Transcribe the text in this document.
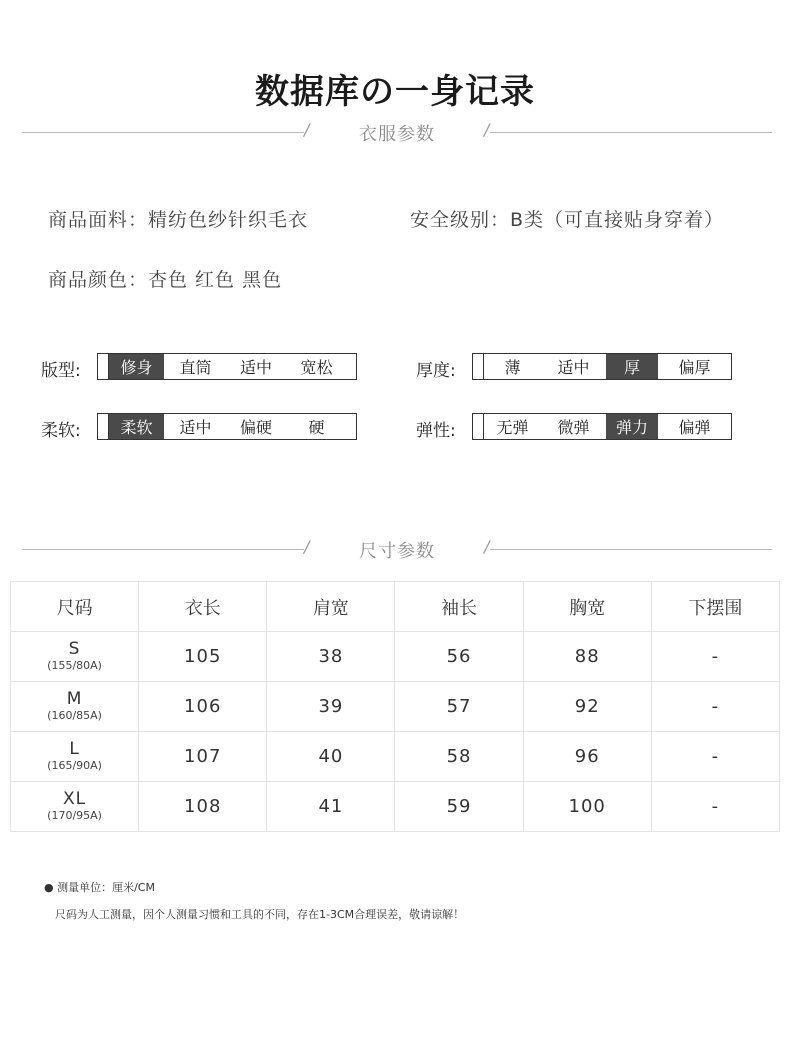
数据库の一身记录
/	衣服参数	/
商品面料：精纺色纱针织毛衣	安全级别：B类（可直接贴身穿着）
商品颜色：杏色 红色 黑色
版型:	修身	直筒	适中	宽松	厚度:	薄	适中	厚	偏厚
柔软:	柔软	适中	偏硬	硬	弹性:	无弹	微弹	弹力	偏弹
/	尺寸参数	/
尺码	衣长	肩宽	袖长	胸宽	下摆围

S
(155/80A)	105	38	56	88	-

M
(160/85A)	106	39	57	92	-

L
(165/90A)	107	40	58	96	-

XL
(170/95A)	108	41	59	100	-
● 测量单位：厘米/CM
尺码为人工测量，因个人测量习惯和工具的不同，存在1-3CM合理误差，敬请谅解！
